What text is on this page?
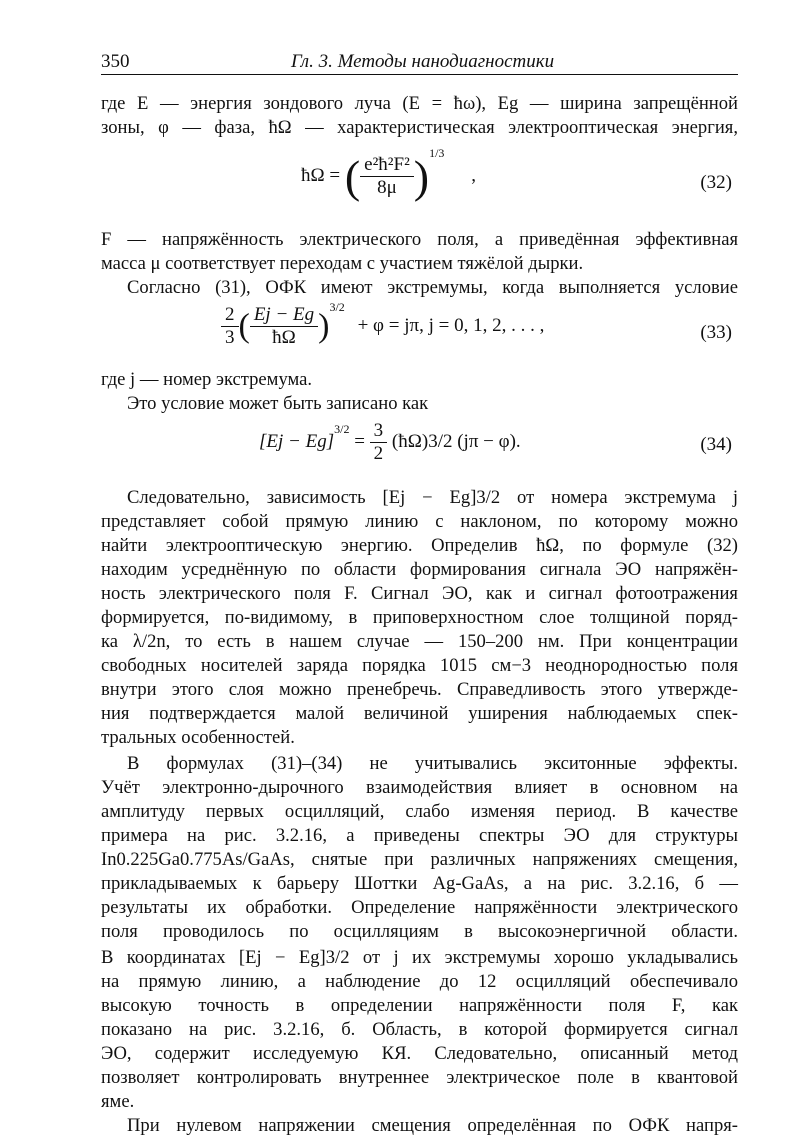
350	Гл. 3. Методы нанодиагностики
где E — энергия зондового луча (E = ħω), Eg — ширина запрещённой
зоны, φ — фаза, ħΩ — характеристическая электрооптическая энергия,
ħΩ = ( $\frac{\text{e²ħ²F²}}{8\mu} )^{1/3}$ ,	(32)
F — напряжённость электрического поля, а приведённая эффективная
масса μ соответствует переходам с участием тяжёлой дырки.
Согласно (31), ОФК имеют экстремумы, когда выполняется условие
$\frac{2}{3}$ ( $\frac{Ej - Eg}{ħ\Omega} )^{3/2} + \varphi = j\pi$, j = 0, 1, 2, . . . ,	(33)
где j — номер экстремума.
Это условие может быть записано как
$[Ej - Eg]^{3/2} = \frac{3}{2}$ (ħΩ)3/2 (jπ − φ).	(34)
Следовательно, зависимость [Ej − Eg]3/2 от номера экстремума j
представляет собой прямую линию с наклоном, по которому можно
найти электрооптическую энергию. Определив ħΩ, по формуле (32)
находим усреднённую по области формирования сигнала ЭО напряжён-
ность электрического поля F. Сигнал ЭО, как и сигнал фотоотражения
формируется, по-видимому, в приповерхностном слое толщиной поряд-
ка λ/2n, то есть в нашем случае — 150–200 нм. При концентрации
свободных носителей заряда порядка 1015 см−3 неоднородностью поля
внутри этого слоя можно пренебречь. Справедливость этого утвержде-
ния подтверждается малой величиной уширения наблюдаемых спек-
тральных особенностей.
В формулах (31)–(34) не учитывались экситонные эффекты.
Учёт электронно-дырочного взаимодействия влияет в основном на
амплитуду первых осцилляций, слабо изменяя период. В качестве
примера на рис. 3.2.16, а приведены спектры ЭО для структуры
In0.225Ga0.775As/GaAs, снятые при различных напряжениях смещения,
прикладываемых к барьеру Шоттки Ag-GaAs, а на рис. 3.2.16, б —
результаты их обработки. Определение напряжённости электрического
поля проводилось по осцилляциям в высокоэнергичной области.
В координатах [Ej − Eg]3/2 от j их экстремумы хорошо укладывались
на прямую линию, а наблюдение до 12 осцилляций обеспечивало
высокую точность в определении напряжённости поля F, как
показано на рис. 3.2.16, б. Область, в которой формируется сигнал
ЭО, содержит исследуемую КЯ. Следовательно, описанный метод
позволяет контролировать внутреннее электрическое поле в квантовой
яме.
При нулевом напряжении смещения определённая по ОФК напря-
